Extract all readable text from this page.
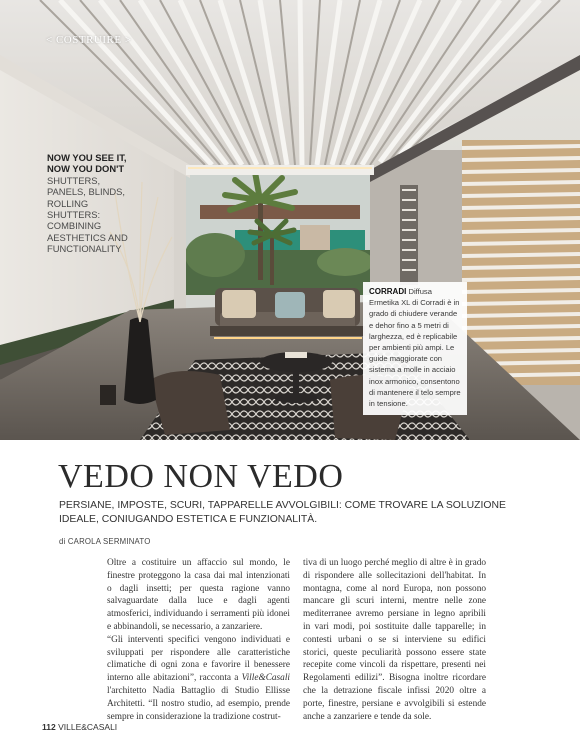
< COSTRUIRE >
NOW YOU SEE IT, NOW YOU DON'T
SHUTTERS, PANELS, BLINDS, ROLLING SHUTTERS: COMBINING AESTHETICS AND FUNCTIONALITY
CORRADI Diffusa Ermetika XL di Corradi è in grado di chiudere verande e dehor fino a 5 metri di larghezza, ed è replicabile per ambienti più ampi. Le guide maggiorate con sistema a molle in acciaio inox armonico, consentono di mantenere il telo sempre in tensione.
VEDO NON VEDO
PERSIANE, IMPOSTE, SCURI, TAPPARELLE AVVOLGIBILI: COME TROVARE LA SOLUZIONE IDEALE, CONIUGANDO ESTETICA E FUNZIONALITÀ.
di CAROLA SERMINATO

Oltre a costituire un affaccio sul mondo, le finestre proteggono la casa dai mal intenzionati o dagli insetti; per questa ragione vanno salvaguardate dalla luce e dagli agenti atmosferici, individuando i serramenti più idonei e abbinandoli, se necessario, a zanzariere.

“Gli interventi specifici vengono individuati e sviluppati per rispondere alle caratteristiche climatiche di ogni zona e favorire il benessere interno alle abitazioni”, racconta a Ville&Casali l'architetto Nadia Battaglio di Studio Ellisse Architetti. “Il nostro studio, ad esempio, prende sempre in considerazione la tradizione costrut-

tiva di un luogo perché meglio di altre è in grado di rispondere alle sollecitazioni dell'habitat. In montagna, come al nord Europa, non possono mancare gli scuri interni, mentre nelle zone mediterranee avremo persiane in legno apribili in vari modi, poi sostituite dalle tapparelle; in contesti urbani o se si interviene su edifici storici, queste peculiarità possono essere state recepite come vincoli da rispettare, presenti nei Regolamenti edilizi”. Bisogna inoltre ricordare che la detrazione fiscale infissi 2020 oltre a porte, finestre, persiane e avvolgibili si estende anche a zanzariere e tende da sole.

112 VILLE&CASALI
